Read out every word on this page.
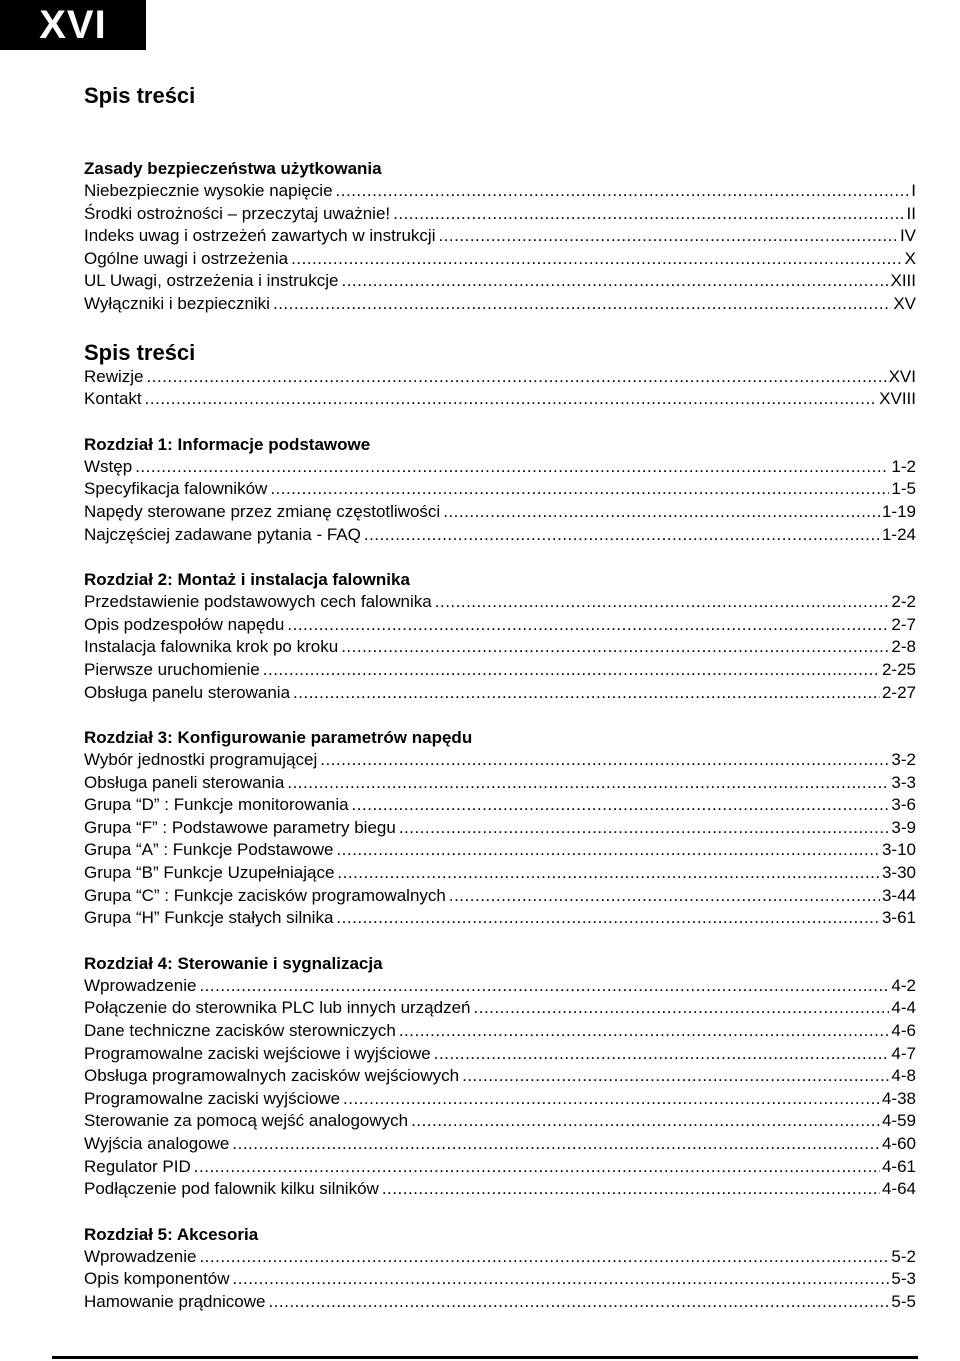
XVI
Spis treści
Zasady bezpieczeństwa użytkowania
Niebezpiecznie wysokie napięcie .....	I
Środki ostrożności – przeczytaj uważnie! .....	II
Indeks uwag i ostrzeżeń zawartych w instrukcji .....	IV
Ogólne uwagi i ostrzeżenia .....	X
UL Uwagi, ostrzeżenia i instrukcje .....	XIII
Wyłączniki i bezpieczniki .....	XV
Spis treści
Rewizje .....	XVI
Kontakt .....	XVIII
Rozdział 1: Informacje podstawowe
Wstęp .....	1-2
Specyfikacja falowników .....	1-5
Napędy sterowane przez zmianę częstotliwości .....	1-19
Najczęściej zadawane pytania - FAQ .....	1-24
Rozdział 2: Montaż i instalacja falownika
Przedstawienie podstawowych cech falownika .....	2-2
Opis podzespołów napędu .....	2-7
Instalacja falownika krok po kroku .....	2-8
Pierwsze uruchomienie .....	2-25
Obsługa panelu sterowania .....	2-27
Rozdział 3: Konfigurowanie parametrów napędu
Wybór jednostki programującej .....	3-2
Obsługa paneli sterowania .....	3-3
Grupa “D” : Funkcje monitorowania .....	3-6
Grupa “F” : Podstawowe parametry biegu .....	3-9
Grupa “A” : Funkcje Podstawowe .....	3-10
Grupa “B” Funkcje Uzupełniające .....	3-30
Grupa “C” : Funkcje zacisków programowalnych .....	3-44
Grupa “H” Funkcje stałych silnika .....	3-61
Rozdział 4: Sterowanie i sygnalizacja
Wprowadzenie .....	4-2
Połączenie do sterownika PLC lub innych urządzeń .....	4-4
Dane techniczne zacisków sterowniczych .....	4-6
Programowalne zaciski wejściowe i wyjściowe .....	4-7
Obsługa programowalnych zacisków wejściowych .....	4-8
Programowalne zaciski wyjściowe .....	4-38
Sterowanie za pomocą wejść analogowych .....	4-59
Wyjścia analogowe .....	4-60
Regulator PID .....	4-61
Podłączenie pod falownik kilku silników .....	4-64
Rozdział 5: Akcesoria
Wprowadzenie .....	5-2
Opis komponentów .....	5-3
Hamowanie prądnicowe .....	5-5
